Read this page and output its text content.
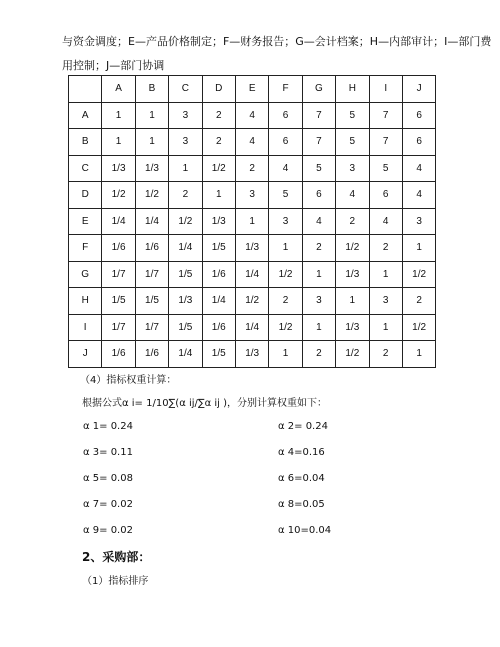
与资金调度；E—产品价格制定；F—财务报告；G—会计档案；H—内部审计；I—部门费
用控制；J—部门协调
	A	B	C	D	E	F	G	H	I	J
A	1	1	3	2	4	6	7	5	7	6
B	1	1	3	2	4	6	7	5	7	6
C	1/3	1/3	1	1/2	2	4	5	3	5	4
D	1/2	1/2	2	1	3	5	6	4	6	4
E	1/4	1/4	1/2	1/3	1	3	4	2	4	3
F	1/6	1/6	1/4	1/5	1/3	1	2	1/2	2	1
G	1/7	1/7	1/5	1/6	1/4	1/2	1	1/3	1	1/2
H	1/5	1/5	1/3	1/4	1/2	2	3	1	3	2
I	1/7	1/7	1/5	1/6	1/4	1/2	1	1/3	1	1/2
J	1/6	1/6	1/4	1/5	1/3	1	2	1/2	2	1
（4）指标权重计算：
根据公式α i= 1/10∑(α ij/∑α ij )，分别计算权重如下：
α 1= 0.24	α 2= 0.24
α 3= 0.11	α 4=0.16
α 5= 0.08	α 6=0.04
α 7= 0.02	α 8=0.05
α 9= 0.02	α 10=0.04
2、采购部：
（1）指标排序
